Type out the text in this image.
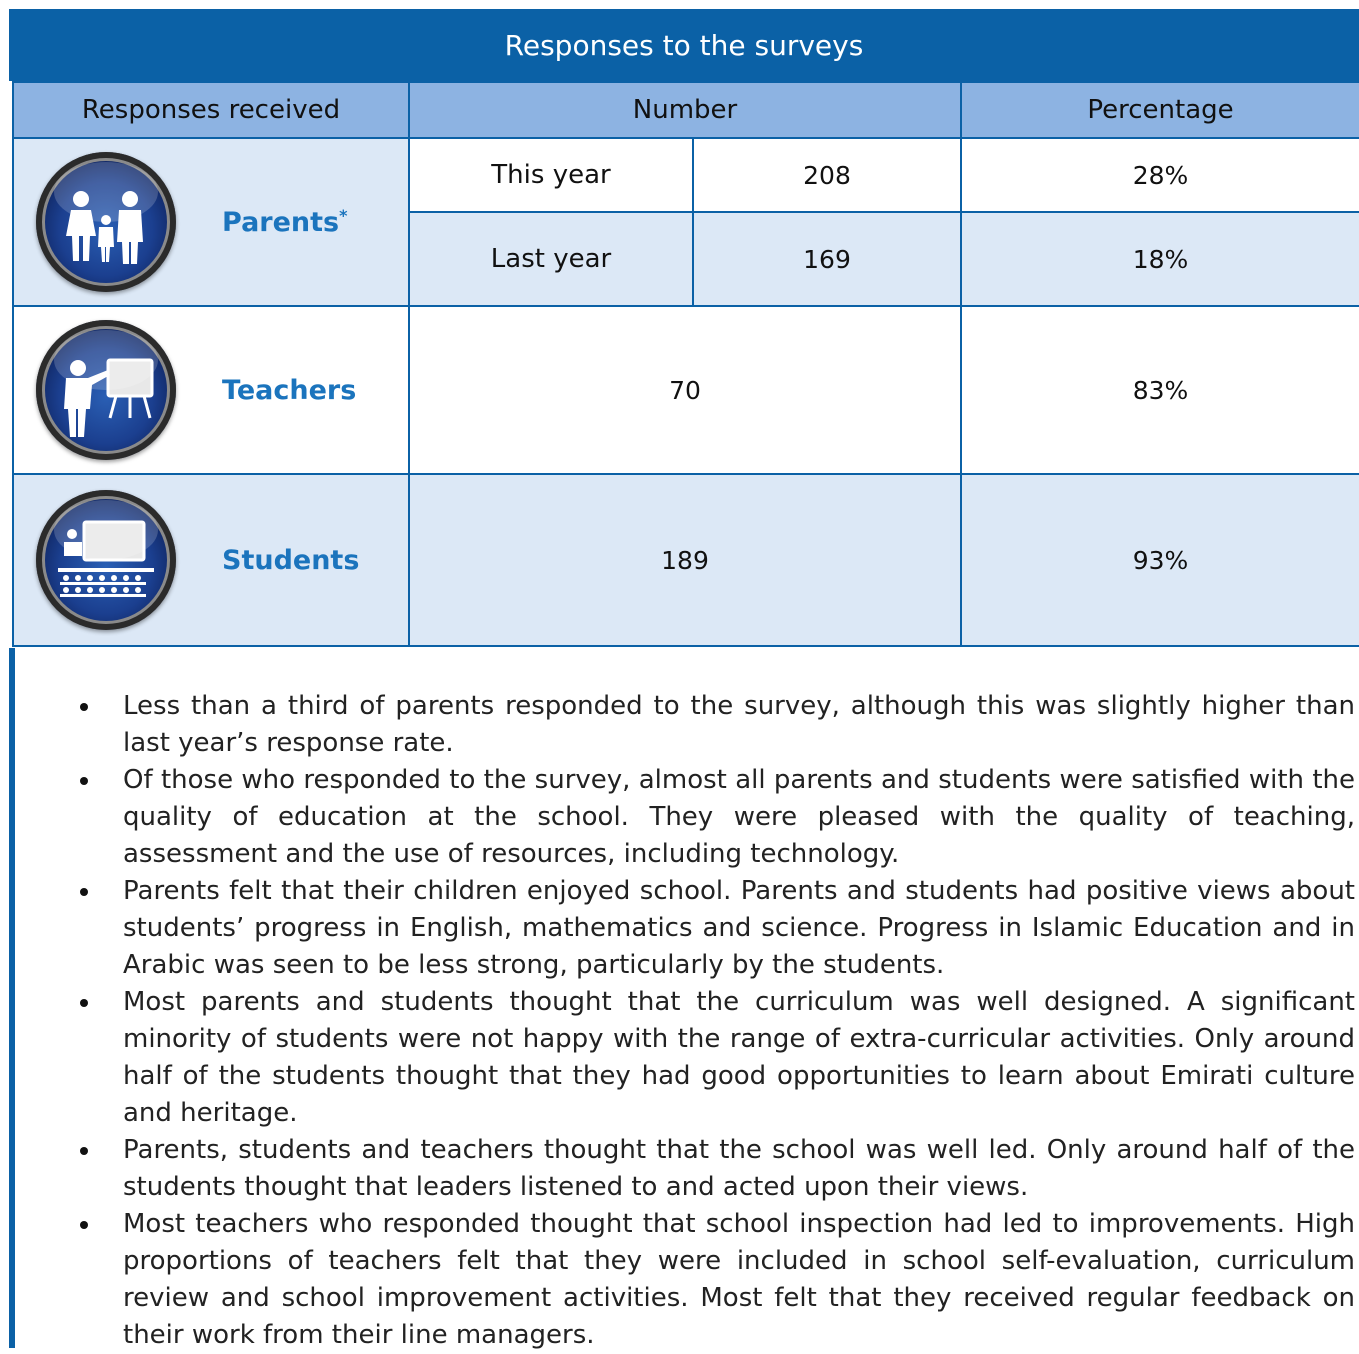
Responses to the surveys
Responses received	Number		Percentage

Parents*	This year	208	28%
	Last year	169	18%

Teachers	70		83%

Students	189		93%
Less than a third of parents responded to the survey, although this was slightly higher than last year’s response rate.
Of those who responded to the survey, almost all parents and students were satisfied with the quality of education at the school. They were pleased with the quality of teaching, assessment and the use of resources, including technology.
Parents felt that their children enjoyed school. Parents and students had positive views about students’ progress in English, mathematics and science. Progress in Islamic Education and in Arabic was seen to be less strong, particularly by the students.
Most parents and students thought that the curriculum was well designed. A significant minority of students were not happy with the range of extra-curricular activities. Only around half of the students thought that they had good opportunities to learn about Emirati culture and heritage.
Parents, students and teachers thought that the school was well led. Only around half of the students thought that leaders listened to and acted upon their views.
Most teachers who responded thought that school inspection had led to improvements. High proportions of teachers felt that they were included in school self-evaluation, curriculum review and school improvement activities. Most felt that they received regular feedback on their work from their line managers.
